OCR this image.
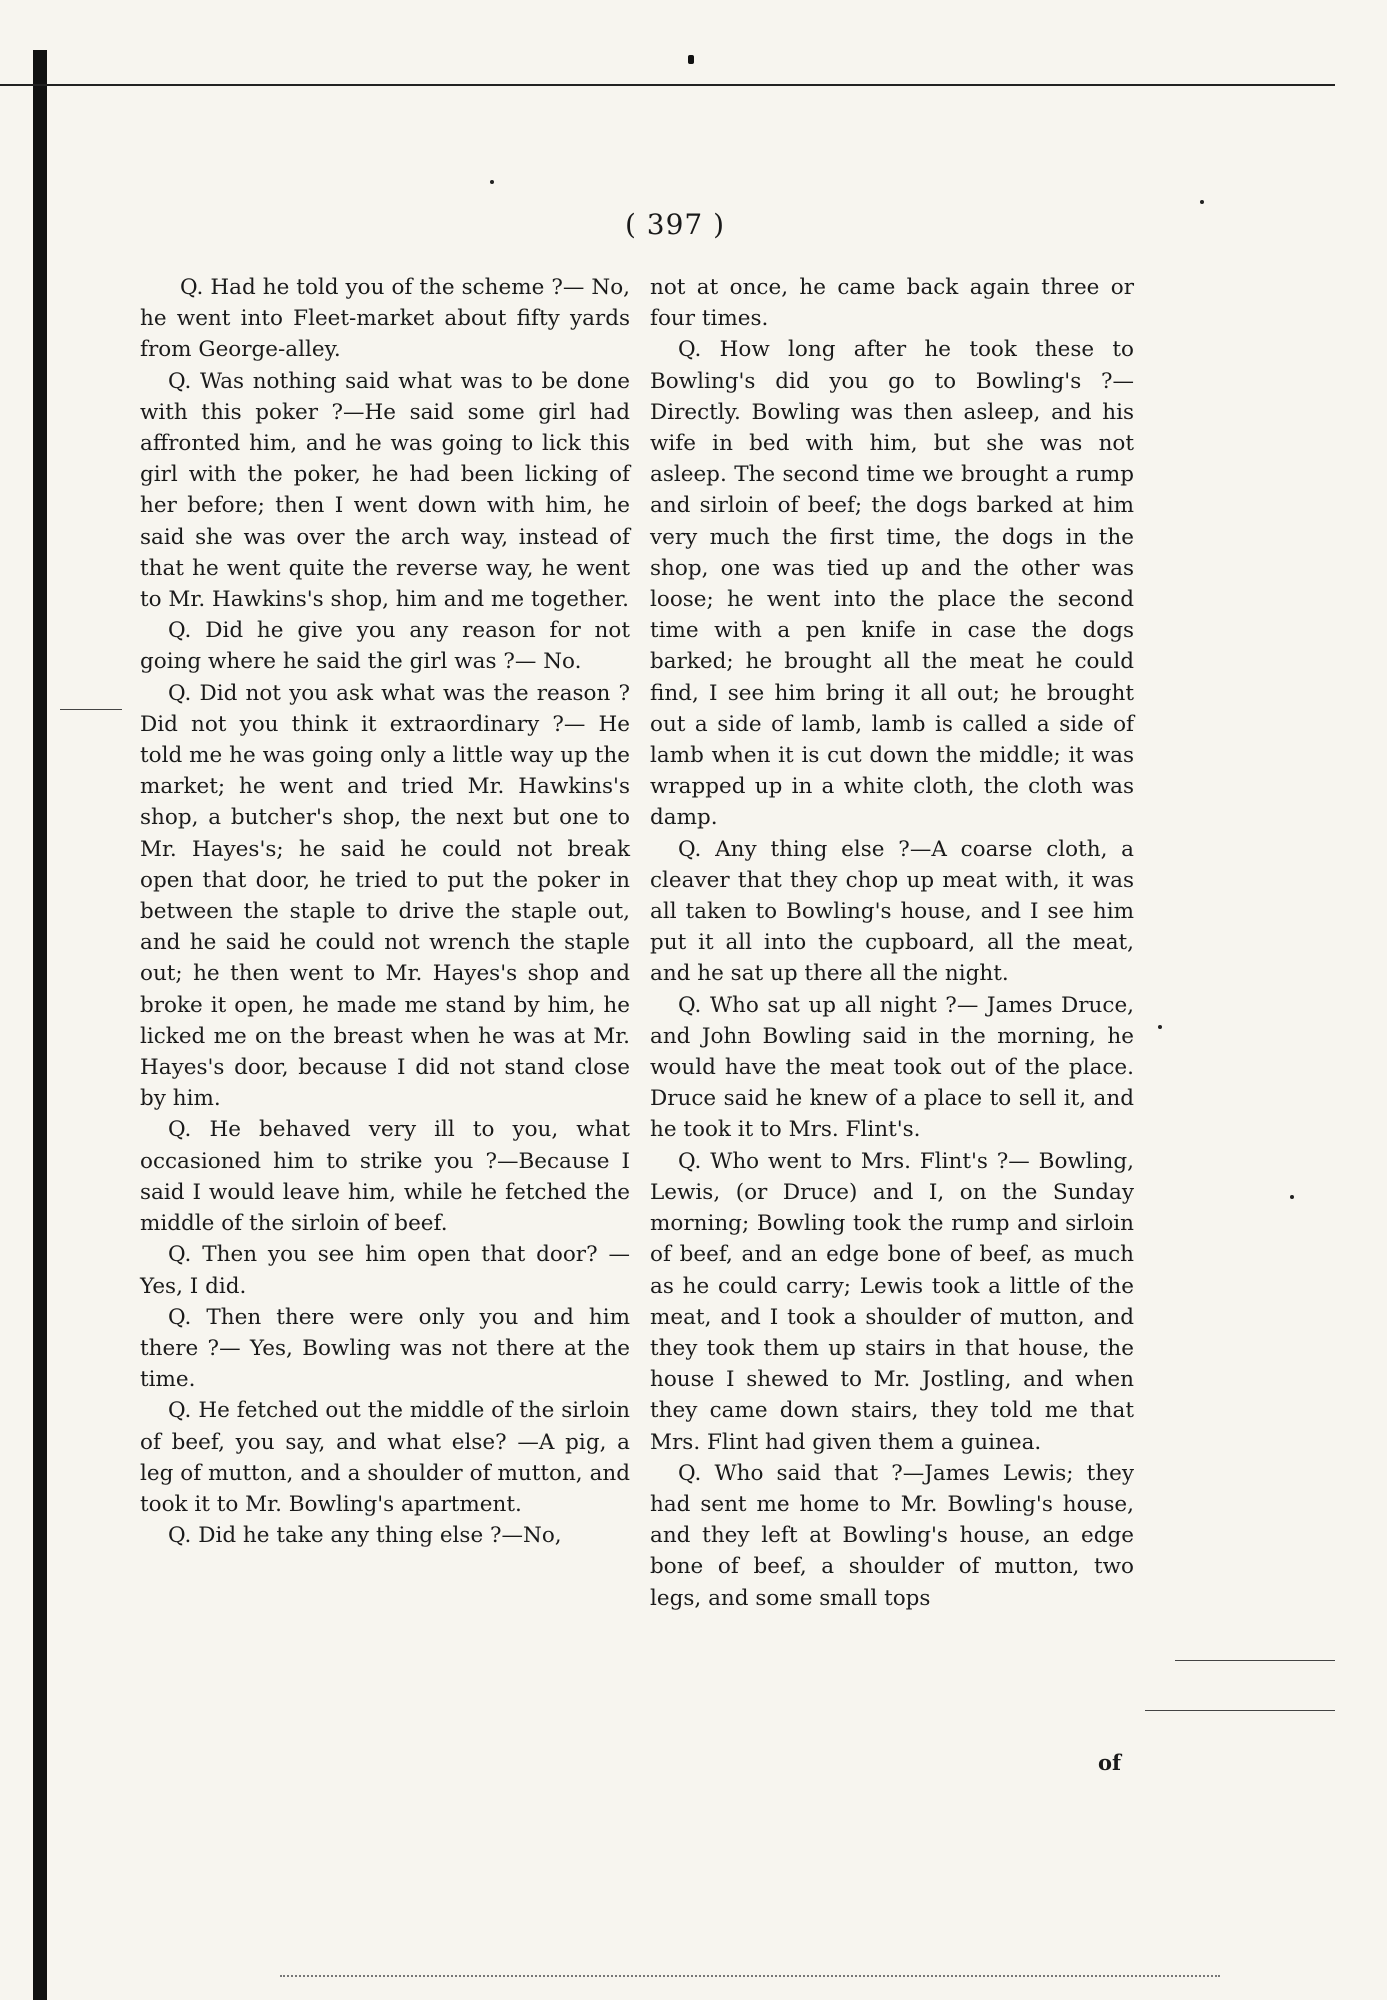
( 397 )

Q. Had he told you of the scheme ?— No, he went into Fleet-market about fifty yards from George-alley.

Q. Was nothing said what was to be done with this poker ?—He said some girl had affronted him, and he was going to lick this girl with the poker, he had been licking of her before; then I went down with him, he said she was over the arch way, instead of that he went quite the reverse way, he went to Mr. Hawkins's shop, him and me together.

Q. Did he give you any reason for not going where he said the girl was ?— No.

Q. Did not you ask what was the reason ? Did not you think it extraordinary ?— He told me he was going only a little way up the market; he went and tried Mr. Hawkins's shop, a butcher's shop, the next but one to Mr. Hayes's; he said he could not break open that door, he tried to put the poker in between the staple to drive the staple out, and he said he could not wrench the staple out; he then went to Mr. Hayes's shop and broke it open, he made me stand by him, he licked me on the breast when he was at Mr. Hayes's door, because I did not stand close by him.

Q. He behaved very ill to you, what occasioned him to strike you ?—Because I said I would leave him, while he fetched the middle of the sirloin of beef.

Q. Then you see him open that door? —Yes, I did.

Q. Then there were only you and him there ?— Yes, Bowling was not there at the time.

Q. He fetched out the middle of the sirloin of beef, you say, and what else? —A pig, a leg of mutton, and a shoulder of mutton, and took it to Mr. Bowling's apartment.

Q. Did he take any thing else ?—No,

not at once, he came back again three or four times.

Q. How long after he took these to Bowling's did you go to Bowling's ?— Directly. Bowling was then asleep, and his wife in bed with him, but she was not asleep. The second time we brought a rump and sirloin of beef; the dogs barked at him very much the first time, the dogs in the shop, one was tied up and the other was loose; he went into the place the second time with a pen knife in case the dogs barked; he brought all the meat he could find, I see him bring it all out; he brought out a side of lamb, lamb is called a side of lamb when it is cut down the middle; it was wrapped up in a white cloth, the cloth was damp.

Q. Any thing else ?—A coarse cloth, a cleaver that they chop up meat with, it was all taken to Bowling's house, and I see him put it all into the cupboard, all the meat, and he sat up there all the night.

Q. Who sat up all night ?— James Druce, and John Bowling said in the morning, he would have the meat took out of the place. Druce said he knew of a place to sell it, and he took it to Mrs. Flint's.

Q. Who went to Mrs. Flint's ?— Bowling, Lewis, (or Druce) and I, on the Sunday morning; Bowling took the rump and sirloin of beef, and an edge bone of beef, as much as he could carry; Lewis took a little of the meat, and I took a shoulder of mutton, and they took them up stairs in that house, the house I shewed to Mr. Jostling, and when they came down stairs, they told me that Mrs. Flint had given them a guinea.

Q. Who said that ?—James Lewis; they had sent me home to Mr. Bowling's house, and they left at Bowling's house, an edge bone of beef, a shoulder of mutton, two legs, and some small tops

of
